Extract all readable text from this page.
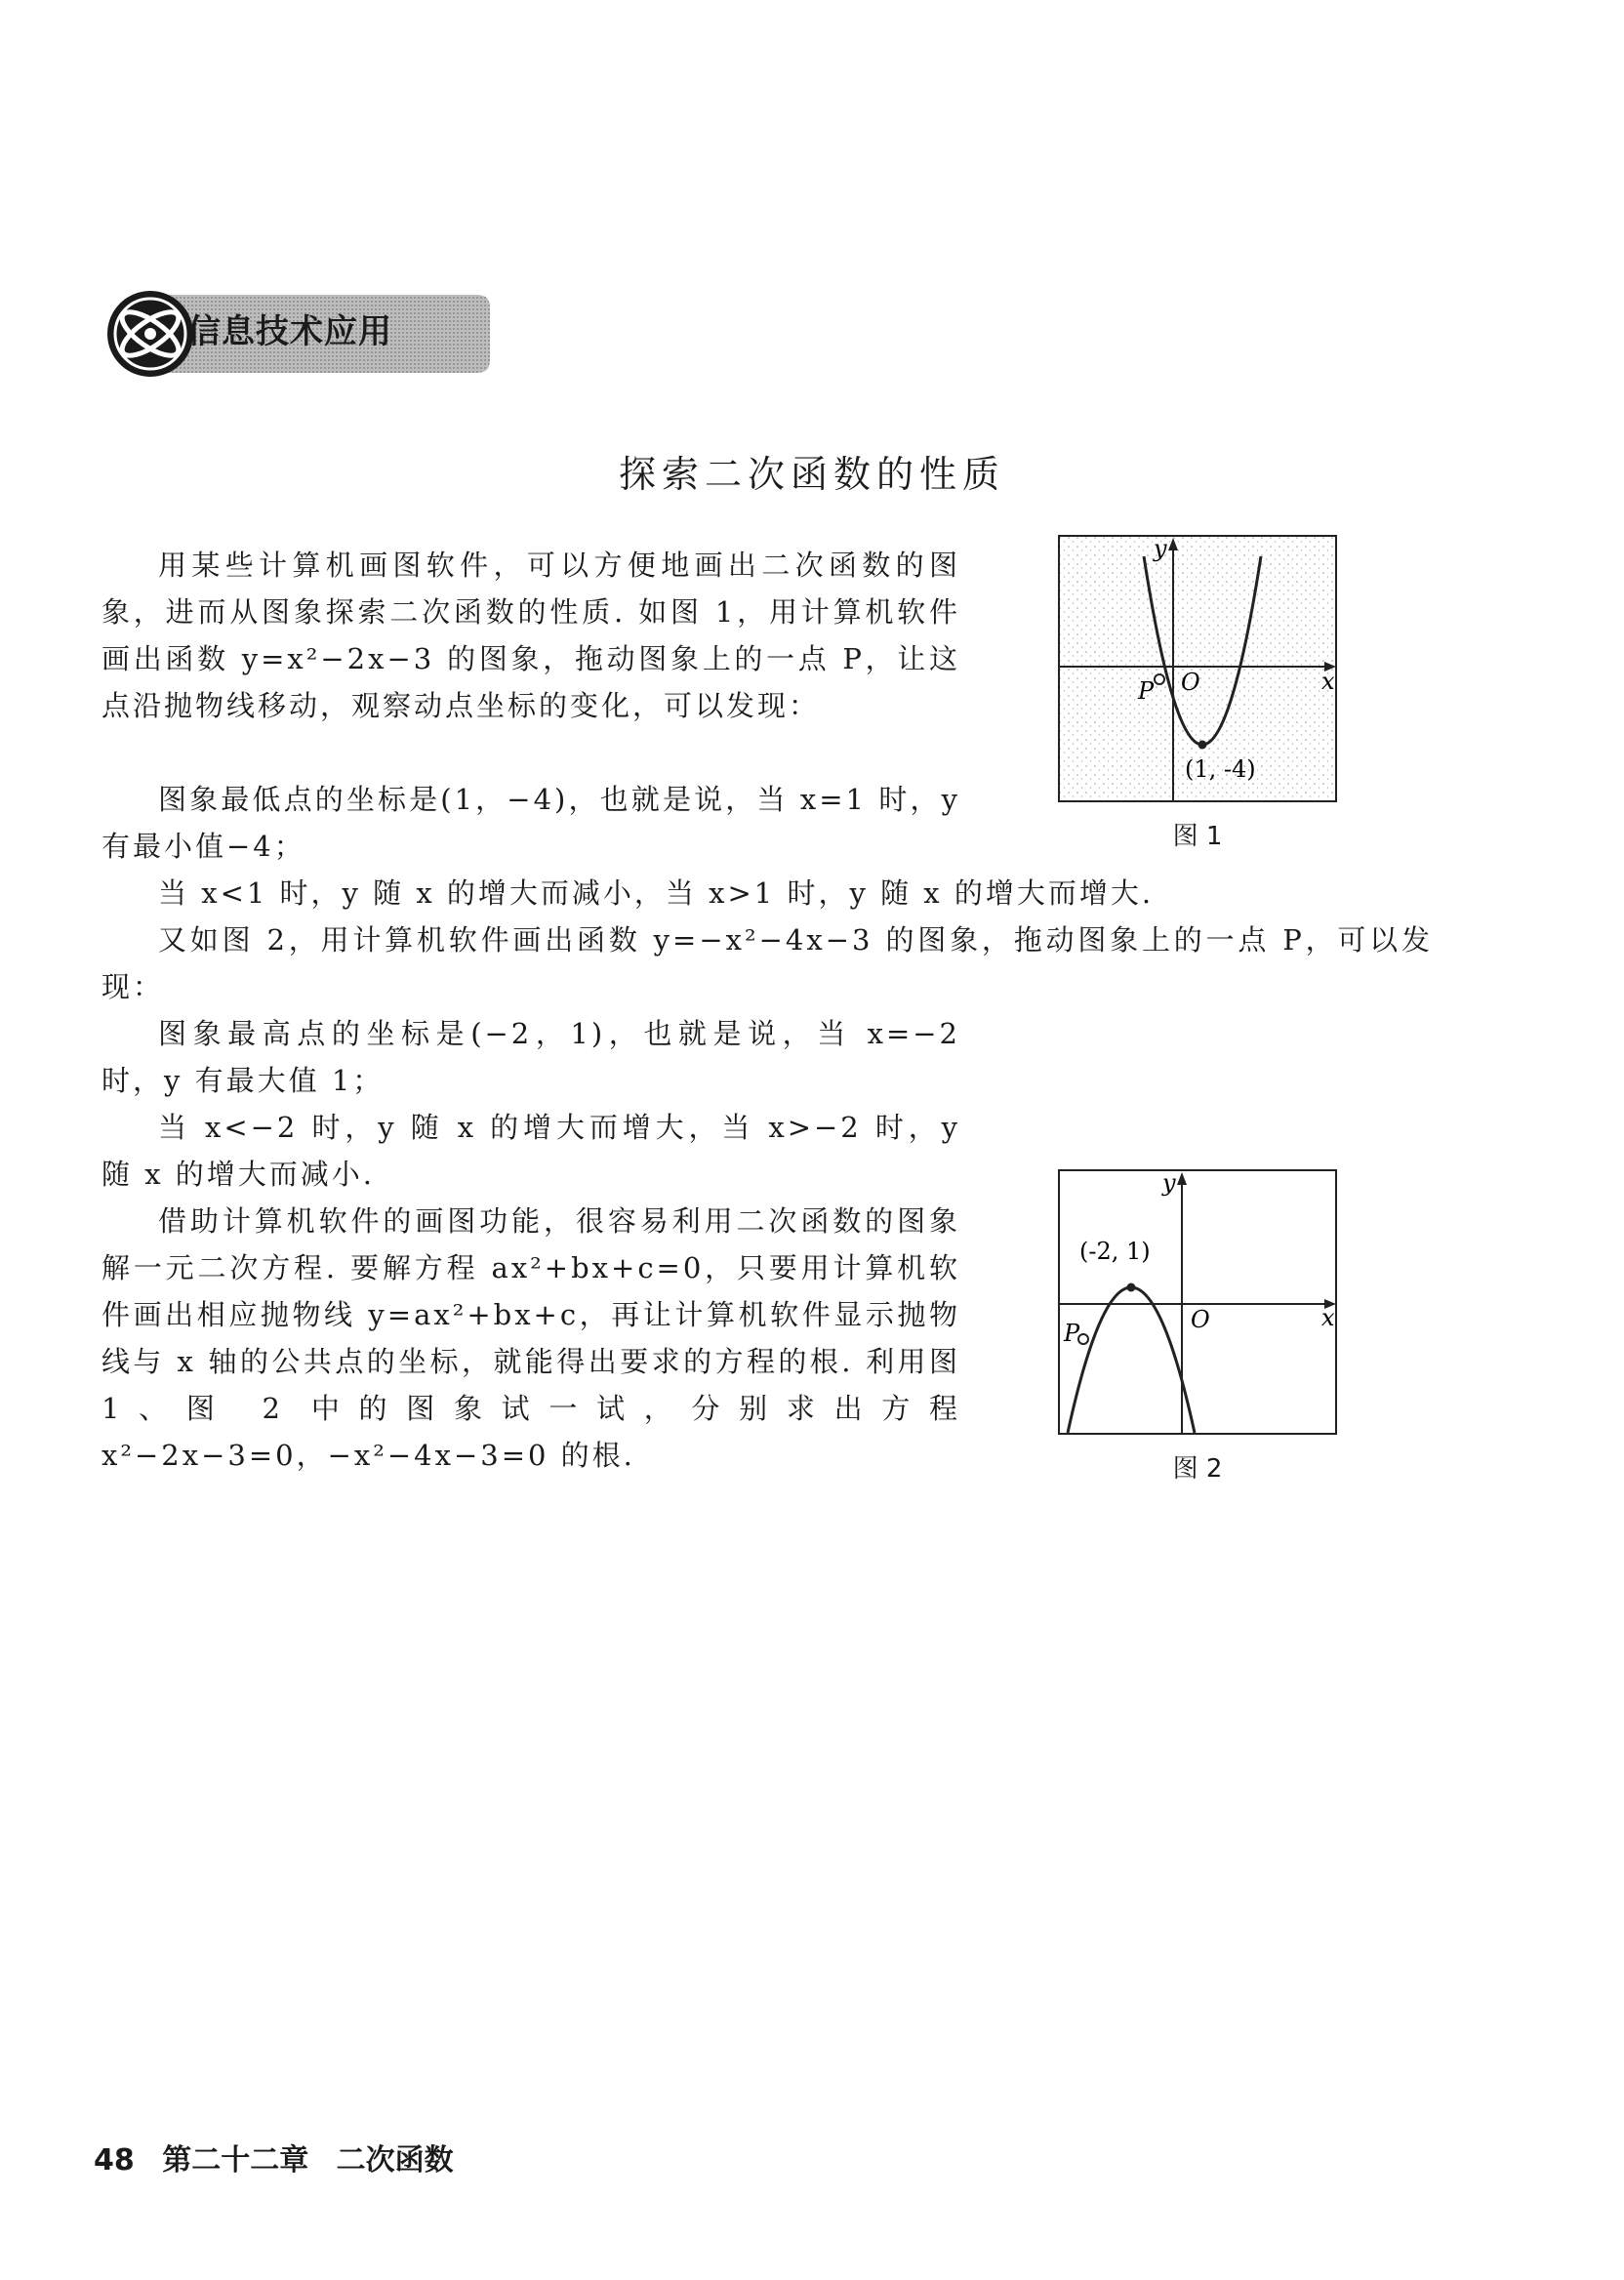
信息技术应用
探索二次函数的性质

用某些计算机画图软件，可以方便地画出二次函数的图象，进而从图象探索二次函数的性质. 如图 1，用计算机软件画出函数 y=x²−2x−3 的图象，拖动图象上的一点 P，让这点沿抛物线移动，观察动点坐标的变化，可以发现：

图象最低点的坐标是(1，−4)，也就是说，当 x=1 时，y 有最小值−4；

当 x<1 时，y 随 x 的增大而减小，当 x>1 时，y 随 x 的增大而增大.

又如图 2，用计算机软件画出函数 y=−x²−4x−3 的图象，拖动图象上的一点 P，可以发现：

图象最高点的坐标是(−2，1)，也就是说，当 x=−2 时，y 有最大值 1；

当 x<−2 时，y 随 x 的增大而增大，当 x>−2 时，y 随 x 的增大而减小.

借助计算机软件的画图功能，很容易利用二次函数的图象解一元二次方程. 要解方程 ax²+bx+c=0，只要用计算机软件画出相应抛物线 y=ax²+bx+c，再让计算机软件显示抛物线与 x 轴的公共点的坐标，就能得出要求的方程的根. 利用图 1、图 2 中的图象试一试，分别求出方程 x²−2x−3=0，−x²−4x−3=0 的根.

x
y
O
P
(1, -4)
图 1
x
y
O
P
(-2, 1)
图 2
48 第二十二章 二次函数
